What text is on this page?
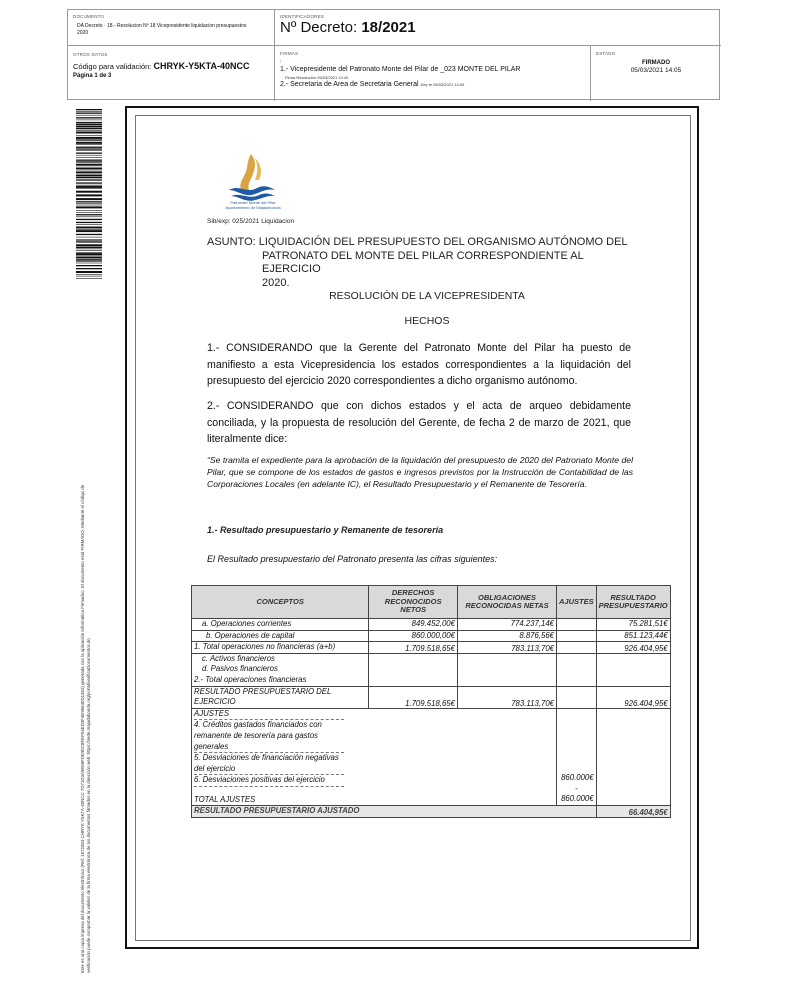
DOCUMENTO
DA Decreto · 18.- Resolucion Nº 18 Vicepresidente liquidacion presupuestos 2020
IDENTIFICADORES
Nº Decreto: 18/2021
OTROS DATOS
Código para validación: CHRYK-Y5KTA-40NCC
Página 1 de 3
FIRMAS
:
1.- Vicepresidente del Patronato Monte del Pilar de _023 MONTE DEL PILAR
Firma Resolución 05/03/2021 10:40
2.- Secretaria de Area de Secretaria General Dey te 05/03/2021 14:05
ESTADO
FIRMADO
05/03/2021 14:05
Este es una copia impresa del documento electrónico (Ref: 1672384 CHRYK-Y5KTA-40NCC 7D71D3A9E55FDE90C8FEF04ED3F4E95640D1362) generada con la aplicación informática Firmadoc. El documento está FIRMADO. Mediante el código de verificación puede comprobar la validez de la firma electrónica de los documentos firmados en la dirección web: https://sede.majadahonda.org/portal/verificaDocumentos.do
Patronato Monte del Pilar
Ayuntamiento de Majadahonda
Sib/exp: 025/2021 Liquidacion
ASUNTO: LIQUIDACIÓN DEL PRESUPUESTO DEL ORGANISMO AUTÓNOMO DEL
PATRONATO DEL MONTE DEL PILAR CORRESPONDIENTE AL EJERCICIO
2020.
RESOLUCIÓN DE LA VICEPRESIDENTA
HECHOS
1.- CONSIDERANDO que la Gerente del Patronato Monte del Pilar ha puesto de manifiesto a esta Vicepresidencia los estados correspondientes a la liquidación del presupuesto del ejercicio 2020 correspondientes a dicho organismo autónomo.
2.- CONSIDERANDO que con dichos estados y el acta de arqueo debidamente conciliada, y la propuesta de resolución del Gerente, de fecha 2 de marzo de 2021, que literalmente dice:
“Se tramita el expediente para la aprobación de la liquidación del presupuesto de 2020 del Patronato Monte del Pilar, que se compone de los estados de gastos e ingresos previstos por la Instrucción de Contabilidad de las Corporaciones Locales (en adelante IC), el Resultado Presupuestario y el Remanente de Tesorería.
1.- Resultado presupuestario y Remanente de tesorería
El Resultado presupuestario del Patronato presenta las cifras siguientes:
CONCEPTOS	DERECHOS RECONOCIDOS NETOS	OBLIGACIONES RECONOCIDAS NETAS	AJUSTES	RESULTADO PRESUPUESTARIO

a. Operaciones corrientes	849.452,00€	774.237,14€		75.281,51€

b. Operaciones de capital	860.000,00€	8.876,56€		851.123,44€
1. Total operaciones no financieras (a+b)	1.709.518,65€	783.113,70€		926.404,95€

c. Activos financieros
d. Pasivos financieros
2.- Total operaciones financieras

RESULTADO PRESUPUESTARIO DEL EJERCICIO	1.709.518,65€	783.113,70€		926.404,95€

AJUSTES
4. Créditos gastados financiados con remanente de tesorería para gastos generales
5. Desviaciones de financiación negativas del ejercicio
6. Desviaciones positivas del ejercicio
TOTAL AJUSTES

860.000€
-
860.000€

RESULTADO PRESUPUESTARIO AJUSTADO	66.404,95€
